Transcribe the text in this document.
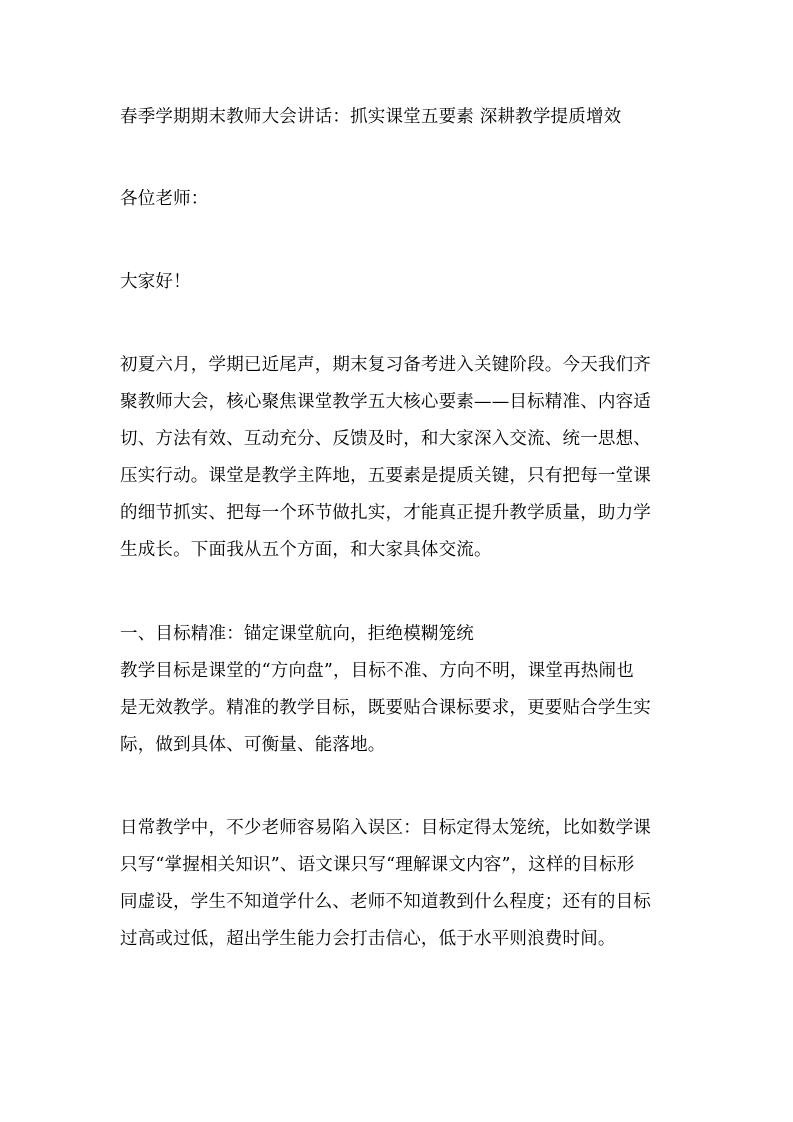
春季学期期末教师大会讲话：抓实课堂五要素 深耕教学提质增效
各位老师：
大家好！
初夏六月，学期已近尾声，期末复习备考进入关键阶段。今天我们齐
聚教师大会，核心聚焦课堂教学五大核心要素——目标精准、内容适
切、方法有效、互动充分、反馈及时，和大家深入交流、统一思想、
压实行动。课堂是教学主阵地，五要素是提质关键，只有把每一堂课
的细节抓实、把每一个环节做扎实，才能真正提升教学质量，助力学
生成长。下面我从五个方面，和大家具体交流。
一、目标精准：锚定课堂航向，拒绝模糊笼统
教学目标是课堂的“方向盘”，目标不准、方向不明，课堂再热闹也
是无效教学。精准的教学目标，既要贴合课标要求，更要贴合学生实
际，做到具体、可衡量、能落地。
日常教学中，不少老师容易陷入误区：目标定得太笼统，比如数学课
只写“掌握相关知识”、语文课只写“理解课文内容”，这样的目标形
同虚设，学生不知道学什么、老师不知道教到什么程度；还有的目标
过高或过低，超出学生能力会打击信心，低于水平则浪费时间。
